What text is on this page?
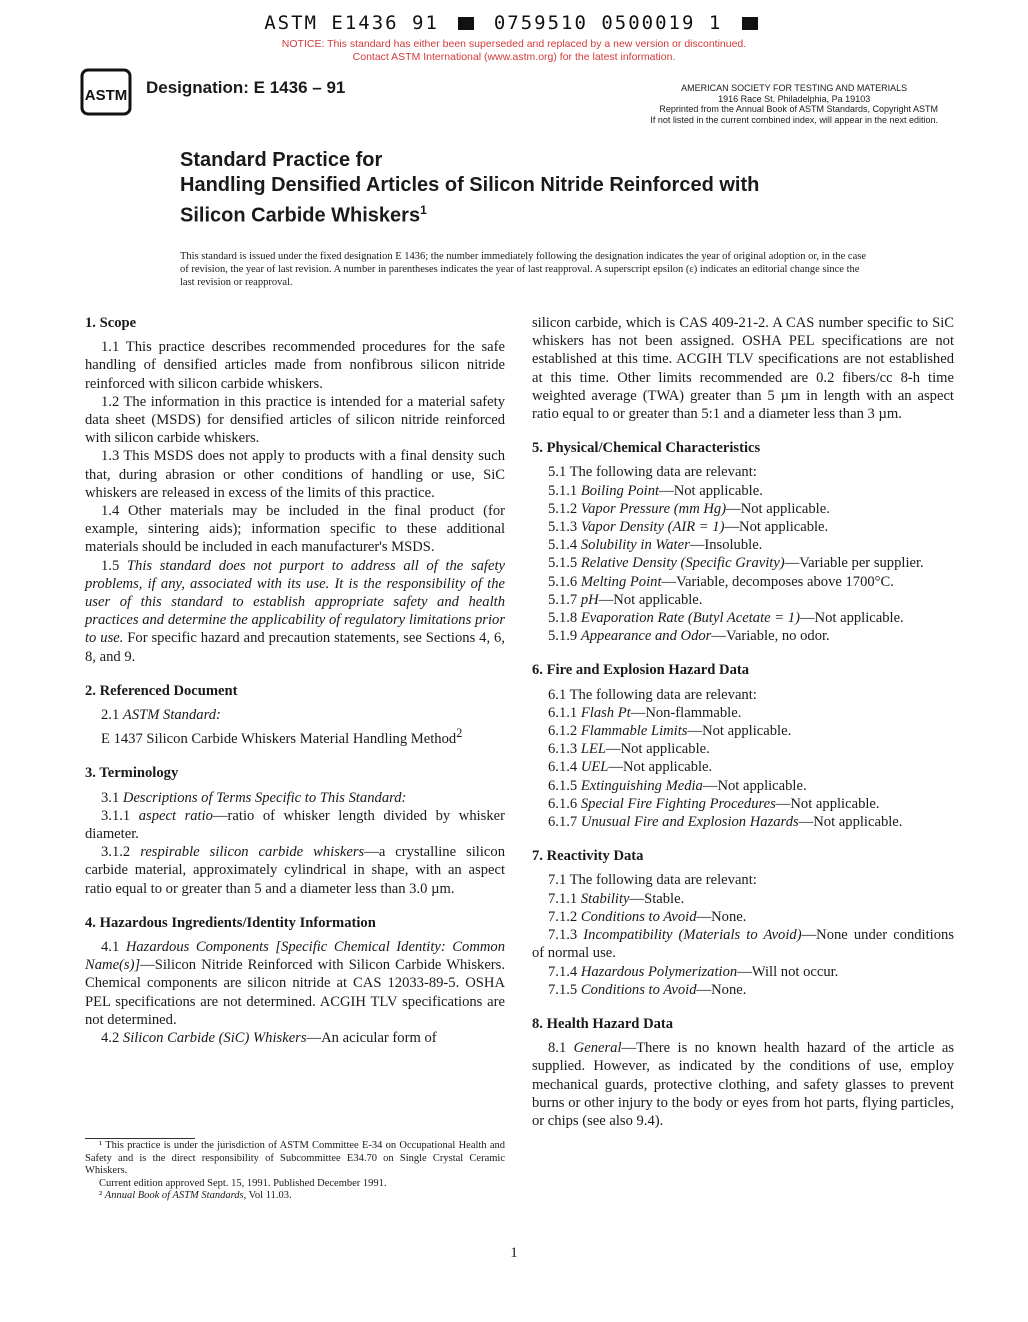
ASTM E1436 91	0759510 0500019 1
NOTICE: This standard has either been superseded and replaced by a new version or discontinued.
Contact ASTM International (www.astm.org) for the latest information.
ASTM Designation: E 1436 – 91	AMERICAN SOCIETY FOR TESTING AND MATERIALS
1916 Race St. Philadelphia, Pa 19103
Reprinted from the Annual Book of ASTM Standards, Copyright ASTM
If not listed in the current combined index, will appear in the next edition.
Standard Practice for
Handling Densified Articles of Silicon Nitride Reinforced with
Silicon Carbide Whiskers$^1$
This standard is issued under the fixed designation E 1436; the number immediately following the designation indicates the year of original adoption or, in the case of revision, the year of last revision. A number in parentheses indicates the year of last reapproval. A superscript epsilon (ε) indicates an editorial change since the last revision or reapproval.
1. Scope

1.1 This practice describes recommended procedures for the safe handling of densified articles made from nonfibrous silicon nitride reinforced with silicon carbide whiskers.

1.2 The information in this practice is intended for a material safety data sheet (MSDS) for densified articles of silicon nitride reinforced with silicon carbide whiskers.

1.3 This MSDS does not apply to products with a final density such that, during abrasion or other conditions of handling or use, SiC whiskers are released in excess of the limits of this practice.

1.4 Other materials may be included in the final product (for example, sintering aids); information specific to these additional materials should be included in each manufacturer's MSDS.

1.5 This standard does not purport to address all of the safety problems, if any, associated with its use. It is the responsibility of the user of this standard to establish appropriate safety and health practices and determine the applicability of regulatory limitations prior to use. For specific hazard and precaution statements, see Sections 4, 6, 8, and 9.

2. Referenced Document

2.1 ASTM Standard:

E 1437 Silicon Carbide Whiskers Material Handling Method$^2$

3. Terminology

3.1 Descriptions of Terms Specific to This Standard:

3.1.1 aspect ratio—ratio of whisker length divided by whisker diameter.

3.1.2 respirable silicon carbide whiskers—a crystalline silicon carbide material, approximately cylindrical in shape, with an aspect ratio equal to or greater than 5 and a diameter less than 3.0 µm.

4. Hazardous Ingredients/Identity Information

4.1 Hazardous Components [Specific Chemical Identity: Common Name(s)]—Silicon Nitride Reinforced with Silicon Carbide Whiskers. Chemical components are silicon nitride at CAS 12033-89-5. OSHA PEL specifications are not determined. ACGIH TLV specifications are not determined.

4.2 Silicon Carbide (SiC) Whiskers—An acicular form of

¹ This practice is under the jurisdiction of ASTM Committee E-34 on Occupational Health and Safety and is the direct responsibility of Subcommittee E34.70 on Single Crystal Ceramic Whiskers.

Current edition approved Sept. 15, 1991. Published December 1991.

² Annual Book of ASTM Standards, Vol 11.03.

silicon carbide, which is CAS 409-21-2. A CAS number specific to SiC whiskers has not been assigned. OSHA PEL specifications are not established at this time. ACGIH TLV specifications are not established at this time. Other limits recommended are 0.2 fibers/cc 8-h time weighted average (TWA) greater than 5 µm in length with an aspect ratio equal to or greater than 5:1 and a diameter less than 3 µm.

5. Physical/Chemical Characteristics

5.1 The following data are relevant:

5.1.1 Boiling Point—Not applicable.

5.1.2 Vapor Pressure (mm Hg)—Not applicable.

5.1.3 Vapor Density (AIR = 1)—Not applicable.

5.1.4 Solubility in Water—Insoluble.

5.1.5 Relative Density (Specific Gravity)—Variable per supplier.

5.1.6 Melting Point—Variable, decomposes above 1700°C.

5.1.7 pH—Not applicable.

5.1.8 Evaporation Rate (Butyl Acetate = 1)—Not applicable.

5.1.9 Appearance and Odor—Variable, no odor.

6. Fire and Explosion Hazard Data

6.1 The following data are relevant:

6.1.1 Flash Pt—Non-flammable.

6.1.2 Flammable Limits—Not applicable.

6.1.3 LEL—Not applicable.

6.1.4 UEL—Not applicable.

6.1.5 Extinguishing Media—Not applicable.

6.1.6 Special Fire Fighting Procedures—Not applicable.

6.1.7 Unusual Fire and Explosion Hazards—Not applicable.

7. Reactivity Data

7.1 The following data are relevant:

7.1.1 Stability—Stable.

7.1.2 Conditions to Avoid—None.

7.1.3 Incompatibility (Materials to Avoid)—None under conditions of normal use.

7.1.4 Hazardous Polymerization—Will not occur.

7.1.5 Conditions to Avoid—None.

8. Health Hazard Data

8.1 General—There is no known health hazard of the article as supplied. However, as indicated by the conditions of use, employ mechanical guards, protective clothing, and safety glasses to prevent burns or other injury to the body or eyes from hot parts, flying particles, or chips (see also 9.4).

1
